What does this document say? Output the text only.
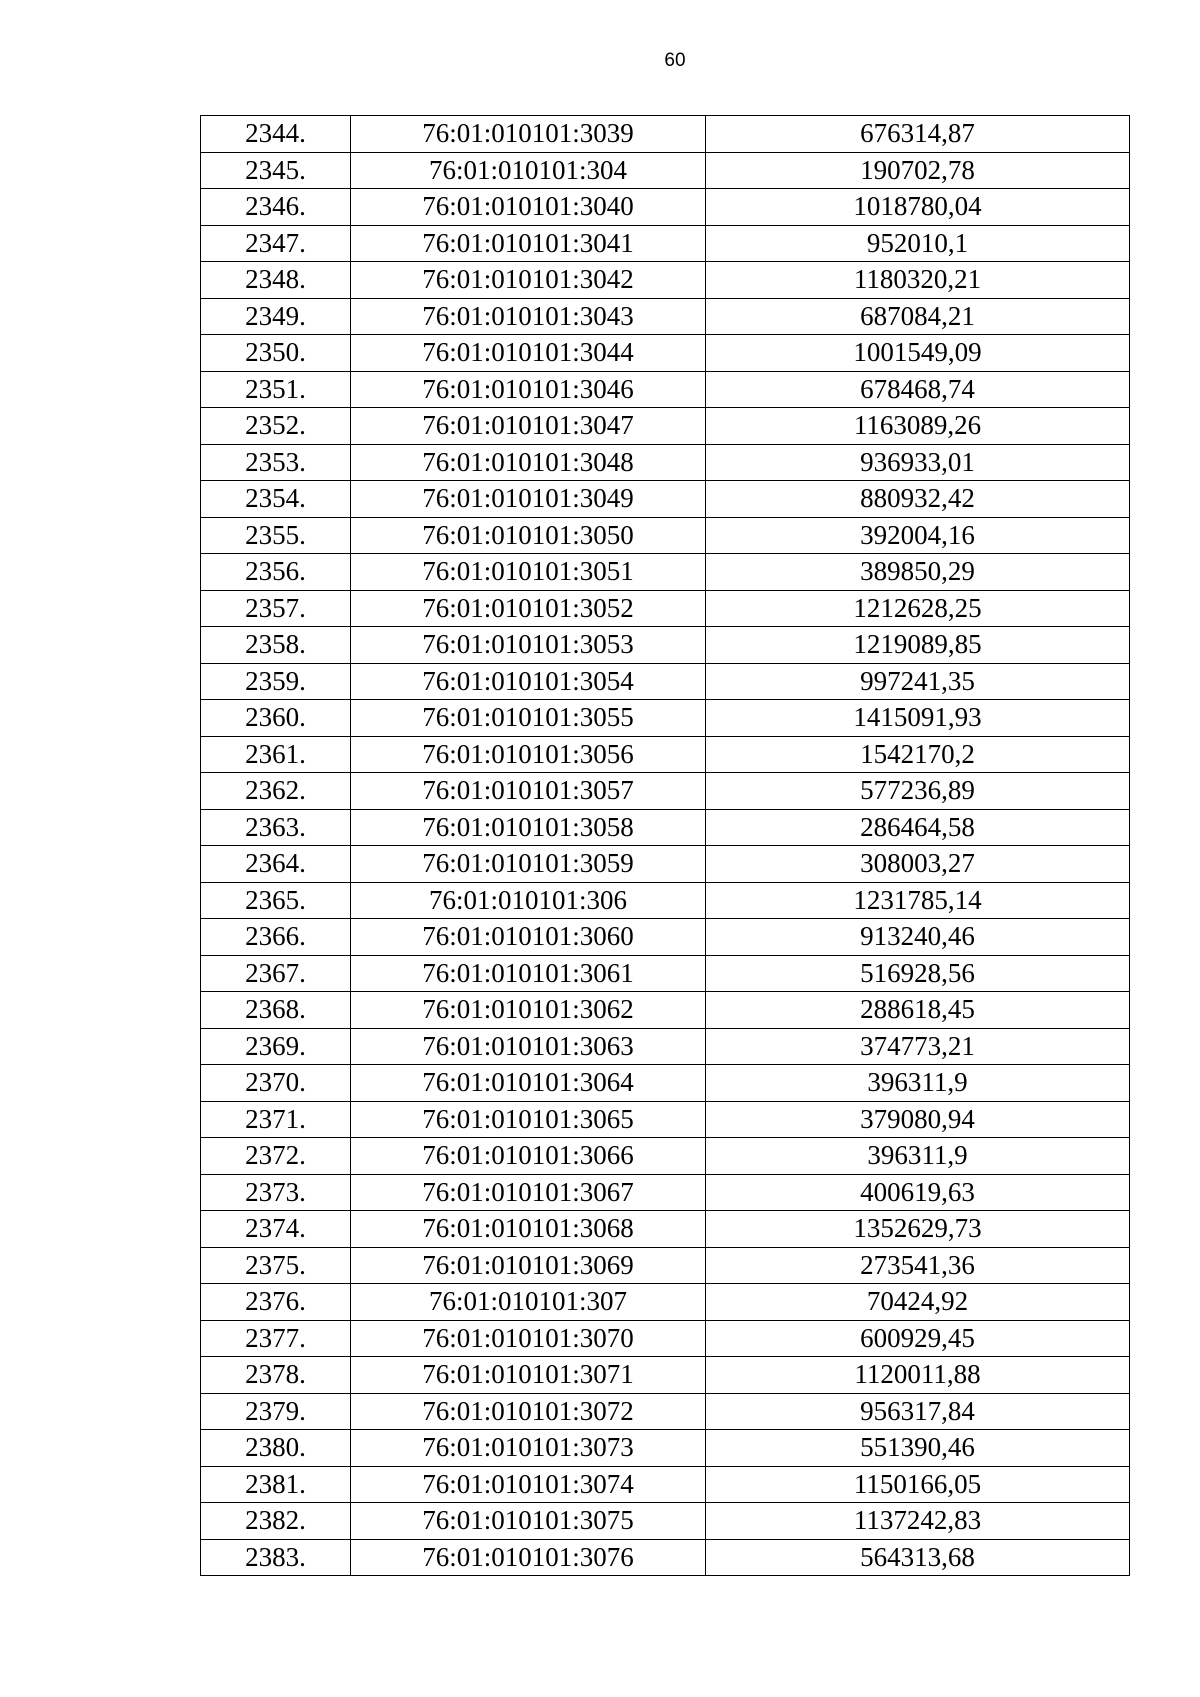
60
2344.	76:01:010101:3039	676314,87
2345.	76:01:010101:304	190702,78
2346.	76:01:010101:3040	1018780,04
2347.	76:01:010101:3041	952010,1
2348.	76:01:010101:3042	1180320,21
2349.	76:01:010101:3043	687084,21
2350.	76:01:010101:3044	1001549,09
2351.	76:01:010101:3046	678468,74
2352.	76:01:010101:3047	1163089,26
2353.	76:01:010101:3048	936933,01
2354.	76:01:010101:3049	880932,42
2355.	76:01:010101:3050	392004,16
2356.	76:01:010101:3051	389850,29
2357.	76:01:010101:3052	1212628,25
2358.	76:01:010101:3053	1219089,85
2359.	76:01:010101:3054	997241,35
2360.	76:01:010101:3055	1415091,93
2361.	76:01:010101:3056	1542170,2
2362.	76:01:010101:3057	577236,89
2363.	76:01:010101:3058	286464,58
2364.	76:01:010101:3059	308003,27
2365.	76:01:010101:306	1231785,14
2366.	76:01:010101:3060	913240,46
2367.	76:01:010101:3061	516928,56
2368.	76:01:010101:3062	288618,45
2369.	76:01:010101:3063	374773,21
2370.	76:01:010101:3064	396311,9
2371.	76:01:010101:3065	379080,94
2372.	76:01:010101:3066	396311,9
2373.	76:01:010101:3067	400619,63
2374.	76:01:010101:3068	1352629,73
2375.	76:01:010101:3069	273541,36
2376.	76:01:010101:307	70424,92
2377.	76:01:010101:3070	600929,45
2378.	76:01:010101:3071	1120011,88
2379.	76:01:010101:3072	956317,84
2380.	76:01:010101:3073	551390,46
2381.	76:01:010101:3074	1150166,05
2382.	76:01:010101:3075	1137242,83
2383.	76:01:010101:3076	564313,68
